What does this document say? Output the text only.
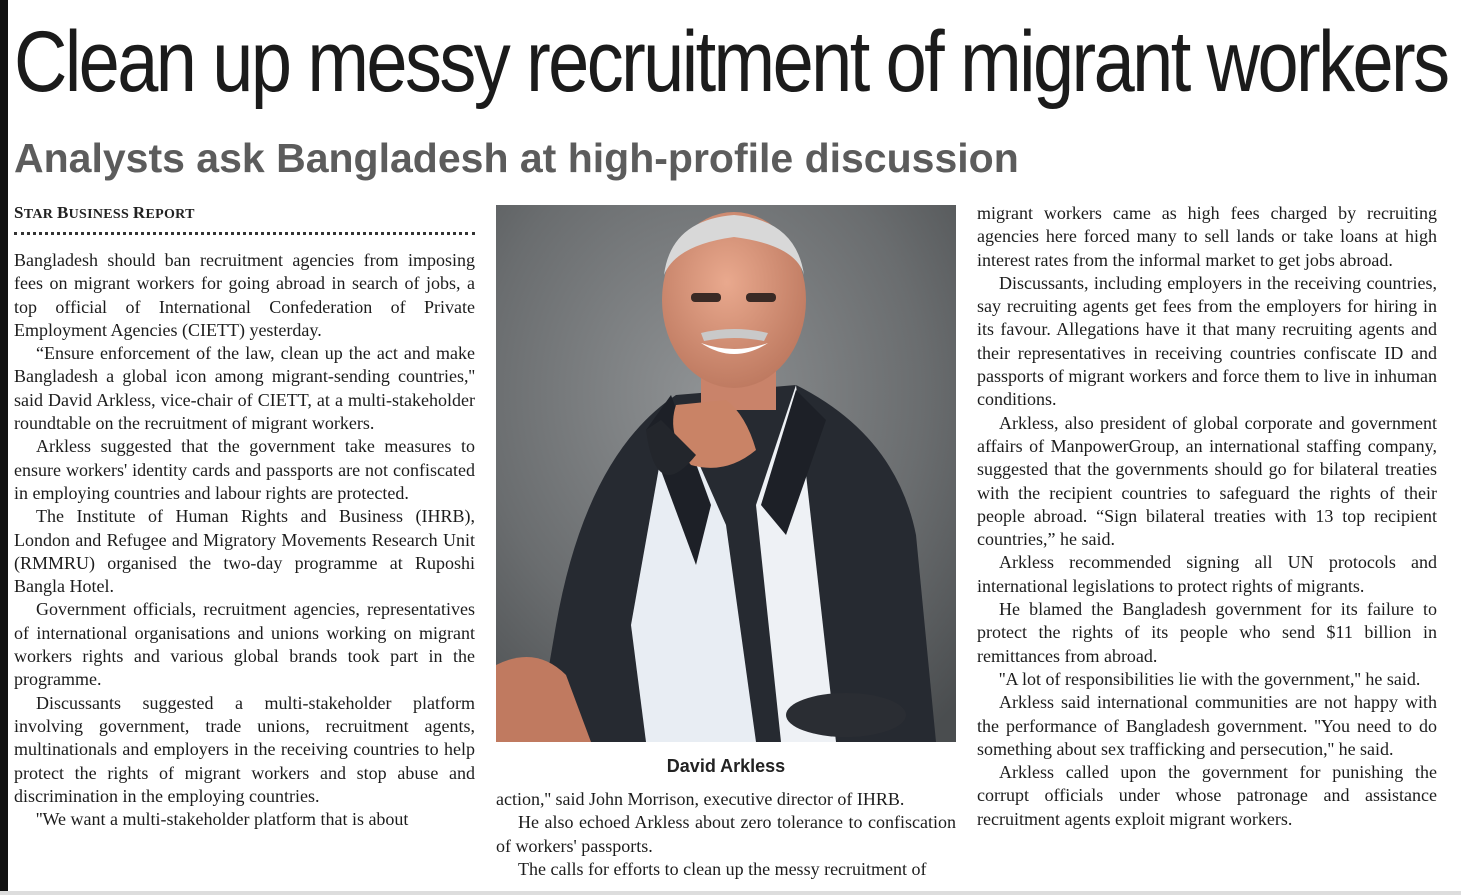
Clean up messy recruitment of migrant workers
Analysts ask Bangladesh at high-profile discussion
STAR BUSINESS REPORT

Bangladesh should ban recruitment agencies from imposing fees on migrant workers for going abroad in search of jobs, a top official of International Confederation of Private Employment Agencies (CIETT) yesterday.

“Ensure enforcement of the law, clean up the act and make Bangladesh a global icon among migrant-sending countries,'' said David Arkless, vice-chair of CIETT, at a multi-stakeholder roundtable on the recruitment of migrant workers.

Arkless suggested that the government take measures to ensure workers' identity cards and passports are not confiscated in employing countries and labour rights are protected.

The Institute of Human Rights and Business (IHRB), London and Refugee and Migratory Movements Research Unit (RMMRU) organised the two-day programme at Ruposhi Bangla Hotel.

Government officials, recruitment agencies, representatives of international organisations and unions working on migrant workers rights and various global brands took part in the programme.

Discussants suggested a multi-stakeholder platform involving government, trade unions, recruitment agents, multinationals and employers in the receiving countries to help protect the rights of migrant workers and stop abuse and discrimination in the employing countries.

''We want a multi-stakeholder platform that is about

David Arkless

action,'' said John Morrison, executive director of IHRB.

He also echoed Arkless about zero tolerance to confiscation of workers' passports.

The calls for efforts to clean up the messy recruitment of

migrant workers came as high fees charged by recruiting agencies here forced many to sell lands or take loans at high interest rates from the informal market to get jobs abroad.

Discussants, including employers in the receiving countries, say recruiting agents get fees from the employers for hiring in its favour. Allegations have it that many recruiting agents and their representatives in receiving countries confiscate ID and passports of migrant workers and force them to live in inhuman conditions.

Arkless, also president of global corporate and government affairs of ManpowerGroup, an international staffing company, suggested that the governments should go for bilateral treaties with the recipient countries to safeguard the rights of their people abroad. “Sign bilateral treaties with 13 top recipient countries,” he said.

Arkless recommended signing all UN protocols and international legislations to protect rights of migrants.

He blamed the Bangladesh government for its failure to protect the rights of its people who send $11 billion in remittances from abroad.

''A lot of responsibilities lie with the government,'' he said.

Arkless said international communities are not happy with the performance of Bangladesh government. ''You need to do something about sex trafficking and persecution,'' he said.

Arkless called upon the government for punishing the corrupt officials under whose patronage and assistance recruitment agents exploit migrant workers.
